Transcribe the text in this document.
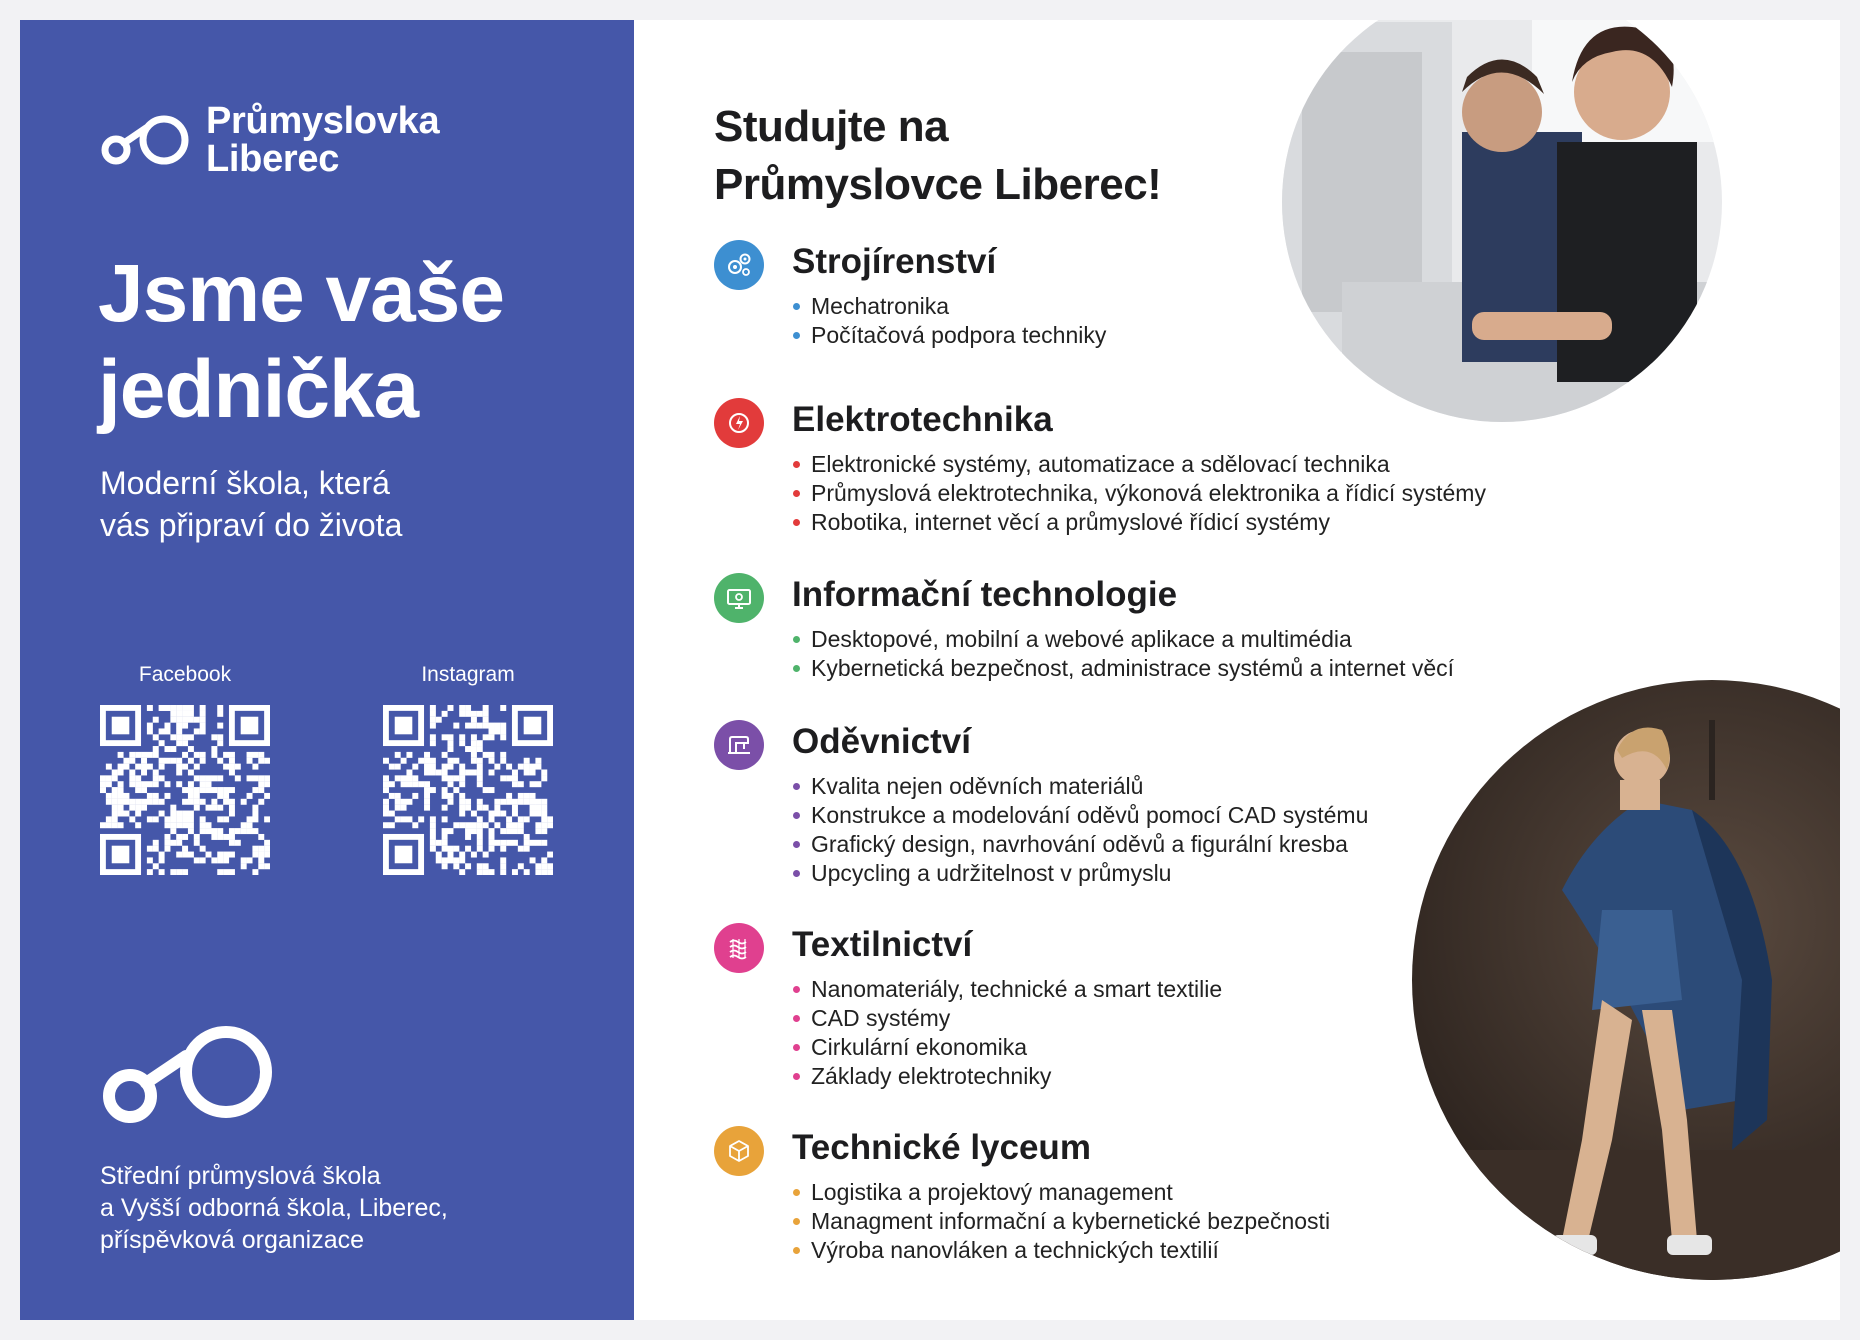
Průmyslovka
Liberec
Jsme vaše
jednička
Moderní škola, která
vás připraví do života
Facebook	Instagram
Střední průmyslová škola
a Vyšší odborná škola, Liberec,
příspěvková organizace
Studujte na
Průmyslovce Liberec!
Strojírenství
Mechatronika
Počítačová podpora techniky
Elektrotechnika
Elektronické systémy, automatizace a sdělovací technika
Průmyslová elektrotechnika, výkonová elektronika a řídicí systémy
Robotika, internet věcí a průmyslové řídicí systémy
Informační technologie
Desktopové, mobilní a webové aplikace a multimédia
Kybernetická bezpečnost, administrace systémů a internet věcí
Oděvnictví
Kvalita nejen oděvních materiálů
Konstrukce a modelování oděvů pomocí CAD systému
Grafický design, navrhování oděvů a figurální kresba
Upcycling a udržitelnost v průmyslu
Textilnictví
Nanomateriály, technické a smart textilie
CAD systémy
Cirkulární ekonomika
Základy elektrotechniky
Technické lyceum
Logistika a projektový management
Managment informační a kybernetické bezpečnosti
Výroba nanovláken a technických textilií
